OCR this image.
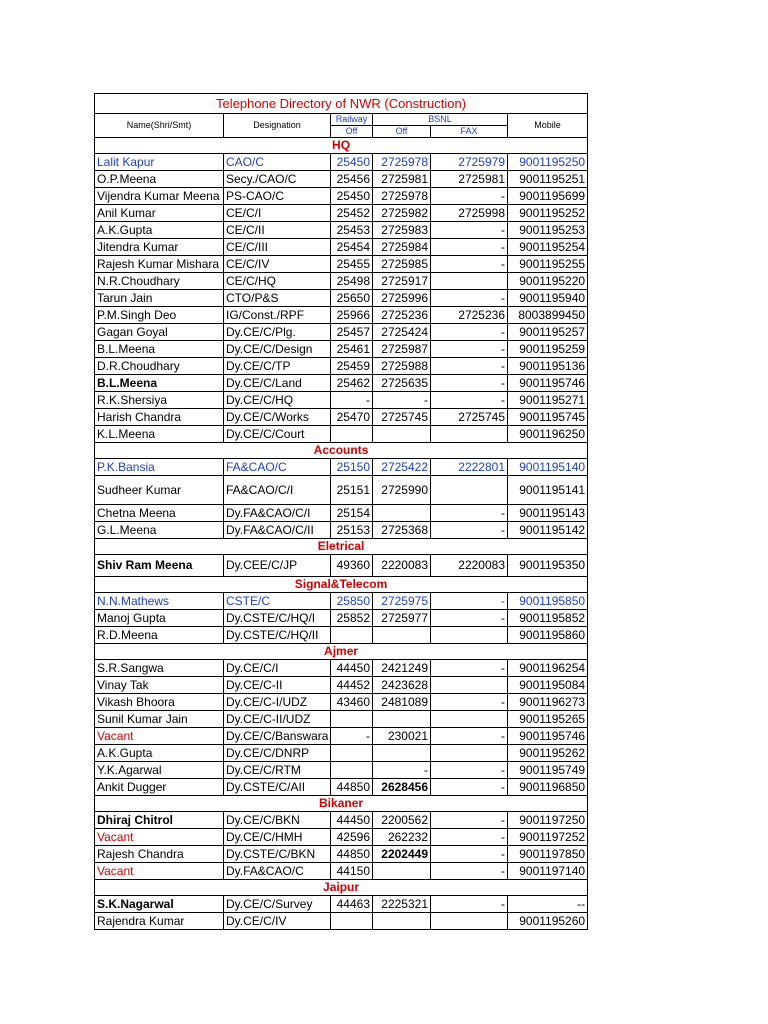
Telephone Directory of NWR (Construction)					
Name(Shri/Smt)	Designation	Railway	BSNL		Mobile
		Off	Off	FAX	
HQ					
Lalit Kapur	CAO/C	25450	2725978	2725979	9001195250
O.P.Meena	Secy./CAO/C	25456	2725981	2725981	9001195251
Vijendra Kumar Meena	PS-CAO/C	25450	2725978	-	9001195699
Anil Kumar	CE/C/I	25452	2725982	2725998	9001195252
A.K.Gupta	CE/C/II	25453	2725983	-	9001195253
Jitendra Kumar	CE/C/III	25454	2725984	-	9001195254
Rajesh Kumar Mishara	CE/C/IV	25455	2725985	-	9001195255
N.R.Choudhary	CE/C/HQ	25498	2725917		9001195220
Tarun Jain	CTO/P&S	25650	2725996	-	9001195940
P.M.Singh Deo	IG/Const./RPF	25966	2725236	2725236	8003899450
Gagan Goyal	Dy.CE/C/Plg.	25457	2725424	-	9001195257
B.L.Meena	Dy.CE/C/Design	25461	2725987	-	9001195259
D.R.Choudhary	Dy.CE/C/TP	25459	2725988	-	9001195136
B.L.Meena	Dy.CE/C/Land	25462	2725635	-	9001195746
R.K.Shersiya	Dy.CE/C/HQ	-	-	-	9001195271
Harish Chandra	Dy.CE/C/Works	25470	2725745	2725745	9001195745
K.L.Meena	Dy.CE/C/Court				9001196250
Accounts					
P.K.Bansia	FA&CAO/C	25150	2725422	2222801	9001195140
Sudheer Kumar	FA&CAO/C/I	25151	2725990		9001195141
Chetna Meena	Dy.FA&CAO/C/I	25154		-	9001195143
G.L.Meena	Dy.FA&CAO/C/II	25153	2725368	-	9001195142
Eletrical					
Shiv Ram Meena	Dy.CEE/C/JP	49360	2220083	2220083	9001195350
Signal&Telecom					
N.N.Mathews	CSTE/C	25850	2725975	-	9001195850
Manoj Gupta	Dy.CSTE/C/HQ/I	25852	2725977	-	9001195852
R.D.Meena	Dy.CSTE/C/HQ/II				9001195860
Ajmer					
S.R.Sangwa	Dy.CE/C/I	44450	2421249	-	9001196254
Vinay Tak	Dy.CE/C-II	44452	2423628		9001195084
Vikash Bhoora	Dy.CE/C-I/UDZ	43460	2481089	-	9001196273
Sunil Kumar Jain	Dy.CE/C-II/UDZ				9001195265
Vacant	Dy.CE/C/Banswara	-	230021	-	9001195746
A.K.Gupta	Dy.CE/C/DNRP				9001195262
Y.K.Agarwal	Dy.CE/C/RTM		-	-	9001195749
Ankit Dugger	Dy.CSTE/C/AII	44850	2628456	-	9001196850
Bikaner					
Dhiraj Chitrol	Dy.CE/C/BKN	44450	2200562	-	9001197250
Vacant	Dy.CE/C/HMH	42596	262232	-	9001197252
Rajesh Chandra	Dy.CSTE/C/BKN	44850	2202449	-	9001197850
Vacant	Dy.FA&CAO/C	44150		-	9001197140
Jaipur					
S.K.Nagarwal	Dy.CE/C/Survey	44463	2225321	-	--
Rajendra Kumar	Dy.CE/C/IV				9001195260
